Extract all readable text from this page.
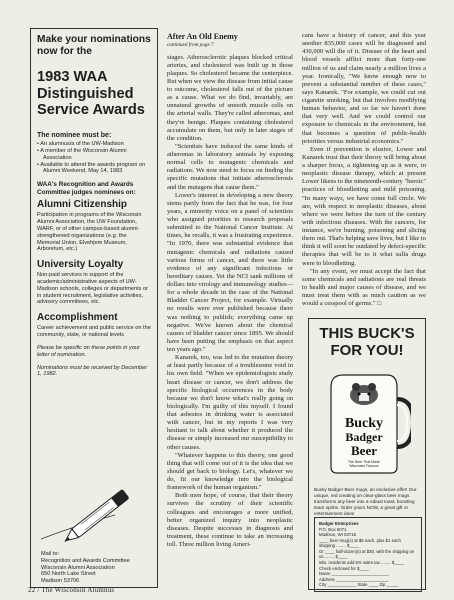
Make your nominations now for the
1983 WAA Distinguished Service Awards
The nominee must be:
• An alumnus/a of the UW-Madison
• A member of the Wisconsin Alumni Association
• Available to attend the awards program on Alumni Weekend, May 14, 1983
WAA's Recognition and Awards Committee judges nominees on:
Alumni Citizenship
Participation in programs of the Wisconsin Alumni Association, the UW Foundation, WARF, or of other campus-based alumni-strengthened organizations (e.g. the Memorial Union, Elvehjem Museum, Arboretum, etc.)
University Loyalty
Non-paid services in support of the academic/administrative aspects of UW-Madison schools, colleges or departments or in student recruitment, legislative activities, advisory committees, etc.
Accomplishment
Career achievement and public service on the community, state, or national levels
Please be specific on these points in your letter of nomination.
Nominations must be received by December 1, 1982.
Mail to:
Recognition and Awards Committee
Wisconsin Alumni Association
650 North Lake Street
Madison 53706

After An Old Enemy

continued from page 7

stages. Atherosclerotic plaques blocked critical arteries, and cholesterol was built up in those plaques. So cholesterol became the centerpiece. But when we view the disease from initial cause to outcome, cholesterol falls out of the picture as a cause. What we do find, invariably, are unnatural growths of smooth muscle cells on the arterial walls. They're called atheromas, and they're benign. Plaques containing cholesterol accumulate on them, but only in later stages of the condition.

"Scientists have induced the same kinds of atheromas in laboratory animals by exposing normal cells to mutagenic chemicals and radiations. We now need to focus on finding the specific mutations that initiate atherosclerosis and the mutagens that cause them."

Lower's interest in developing a new theory stems partly from the fact that he was, for four years, a minority voice on a panel of scientists who assigned priorities to research proposals submitted to the National Cancer Institute. At times, he recalls, it was a frustrating experience. "In 1970, there was substantial evidence that mutagenic chemicals and radiations caused various forms of cancer, and there was little evidence of any significant infectious or hereditary causes. Yet the NCI sank millions of dollars into virology and immunology studies—for a whole decade in the case of the National Bladder Cancer Project, for example. Virtually no results were ever published because there was nothing to publish; everything came up negative. We've known about the chemical causes of bladder cancer since 1895. We should have been putting the emphasis on that aspect ten years ago."

Kanarek, too, was led to the mutation theory at least partly because of a troublesome void in his own field. "When we epidemiologists study heart disease or cancer, we don't address the specific biological occurrences in the body because we don't know what's really going on biologically. I'm guilty of this myself. I found that asbestos in drinking water is associated with cancer, but in my reports I was very hesitant to talk about whether it produced the disease or simply increased our susceptibility to other causes.

"Whatever happens to this theory, one good thing that will come out of it is the idea that we should get back to biology. Let's, whatever we do, fit our knowledge into the biological framework of the human organism."

Both men hope, of course, that their theory survives the scrutiny of their scientific colleagues and encourages a more unified, better organized inquiry into neoplastic diseases. Despite successes in diagnosis and treatment, these continue to take an increasing toll. Three million living Ameri-

cans have a history of cancer, and this year another 835,000 cases will be diagnosed and 430,000 will die of it. Disease of the heart and blood vessels afflict more than forty-one million of us and claim nearly a million lives a year. Ironically, "We know enough now to prevent a substantial number of these cases," says Kanarek. "For example, we could cut out cigarette smoking, but that involves modifying human behavior, and so far we haven't done that very well. And we could control our exposure to chemicals in the environment, but that becomes a question of public-health priorities versus industrial economics."

Even if prevention is elusive, Lower and Kanarek trust that their theory will bring about a sharper focus, a tightening up as it were, in neoplastic disease therapy, which at present Lower likens to the nineteenth-century "heroic" practices of bloodletting and mild poisoning. "In many ways, we have come full circle. We are, with respect to neoplastic diseases, about where we were before the turn of the century with infectious diseases. With the cancers, for instance, we're burning, poisoning and slicing them out. That's helping save lives, but I like to think it will soon be outdated by defect-specific therapies that will be to it what sulfa drugs were to bloodletting.

"In any event, we must accept the fact that some chemicals and radiations are real threats to health and major causes of disease, and we must treat them with as much caution as we would a cesspool of germs." □

THIS BUCK'S FOR YOU!
Bucky
Badger
Beer
The Beer That Made
Wisconsin Famous
Bucky Badger Beer mugs, an exclusive offer! Our unique, red creating on clear-glass beer mugs transforms any beer into a robust toast, boosting team spirits. Order yours NOW, a great gift or entertainment idea!
Badger Enterprises
P.O. Box 5071
Madison, WI 53715
____ beer mug(s) at $6 each, plus $1 each shipping ........ $____
Or ____ half-dozen(s) at $30, with the shipping on us ........ $____
Wis. residents add 5% sales tax ........ $____
Check enclosed for $____
Name ________________________
Address ______________________
City ____________ State ____ Zip _____
22 / The Wisconsin Alumnus
